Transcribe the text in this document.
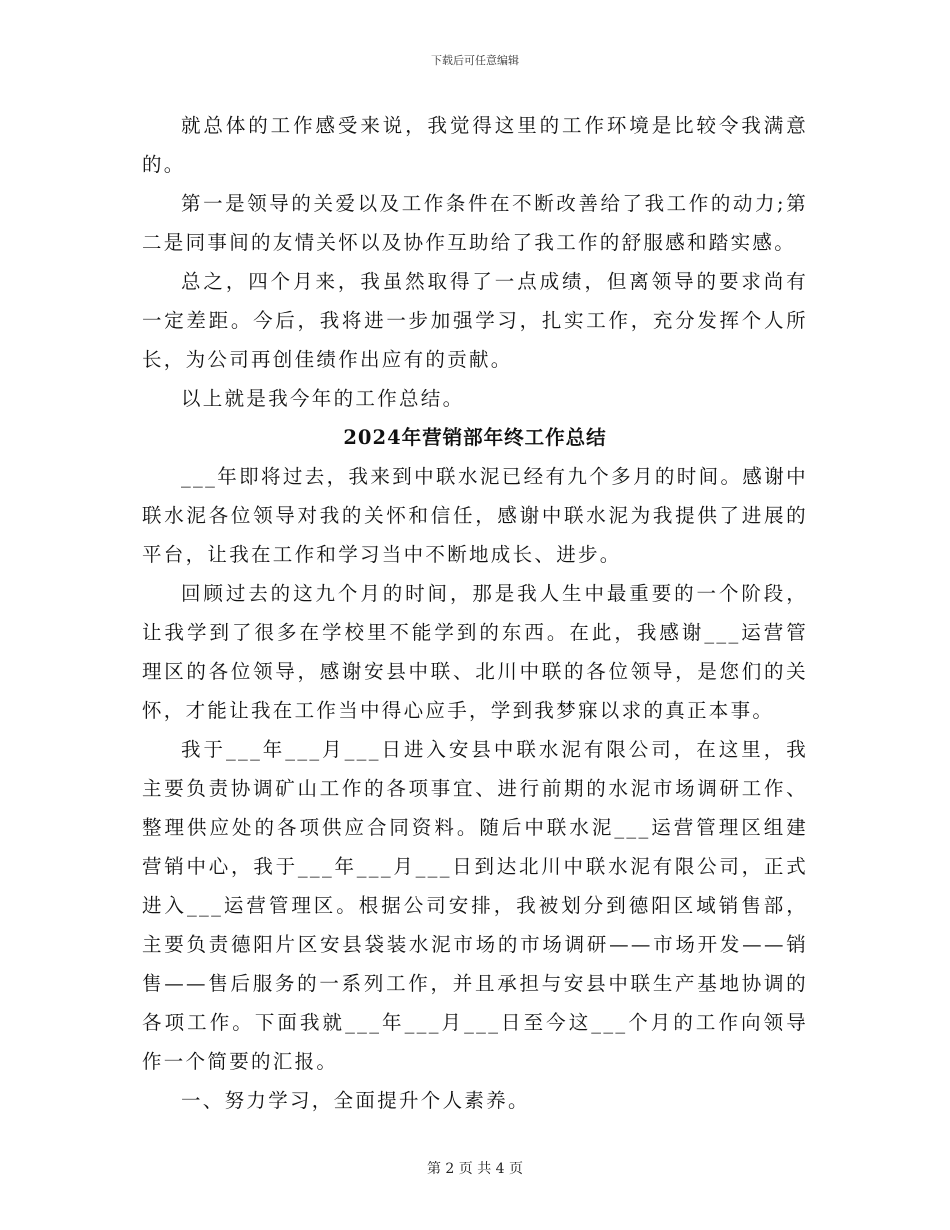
下载后可任意编辑

就总体的工作感受来说，我觉得这里的工作环境是比较令我满意的。

第一是领导的关爱以及工作条件在不断改善给了我工作的动力;第二是同事间的友情关怀以及协作互助给了我工作的舒服感和踏实感。

总之，四个月来，我虽然取得了一点成绩，但离领导的要求尚有一定差距。今后，我将进一步加强学习，扎实工作，充分发挥个人所长，为公司再创佳绩作出应有的贡献。

以上就是我今年的工作总结。

2024年营销部年终工作总结

___年即将过去，我来到中联水泥已经有九个多月的时间。感谢中联水泥各位领导对我的关怀和信任，感谢中联水泥为我提供了进展的平台，让我在工作和学习当中不断地成长、进步。

回顾过去的这九个月的时间，那是我人生中最重要的一个阶段，让我学到了很多在学校里不能学到的东西。在此，我感谢___运营管理区的各位领导，感谢安县中联、北川中联的各位领导，是您们的关怀，才能让我在工作当中得心应手，学到我梦寐以求的真正本事。

我于___年___月___日进入安县中联水泥有限公司，在这里，我主要负责协调矿山工作的各项事宜、进行前期的水泥市场调研工作、整理供应处的各项供应合同资料。随后中联水泥___运营管理区组建营销中心，我于___年___月___日到达北川中联水泥有限公司，正式进入___运营管理区。根据公司安排，我被划分到德阳区域销售部，主要负责德阳片区安县袋装水泥市场的市场调研——市场开发——销售——售后服务的一系列工作，并且承担与安县中联生产基地协调的各项工作。下面我就___年___月___日至今这___个月的工作向领导作一个简要的汇报。

一、努力学习，全面提升个人素养。

第 2 页 共 4 页
